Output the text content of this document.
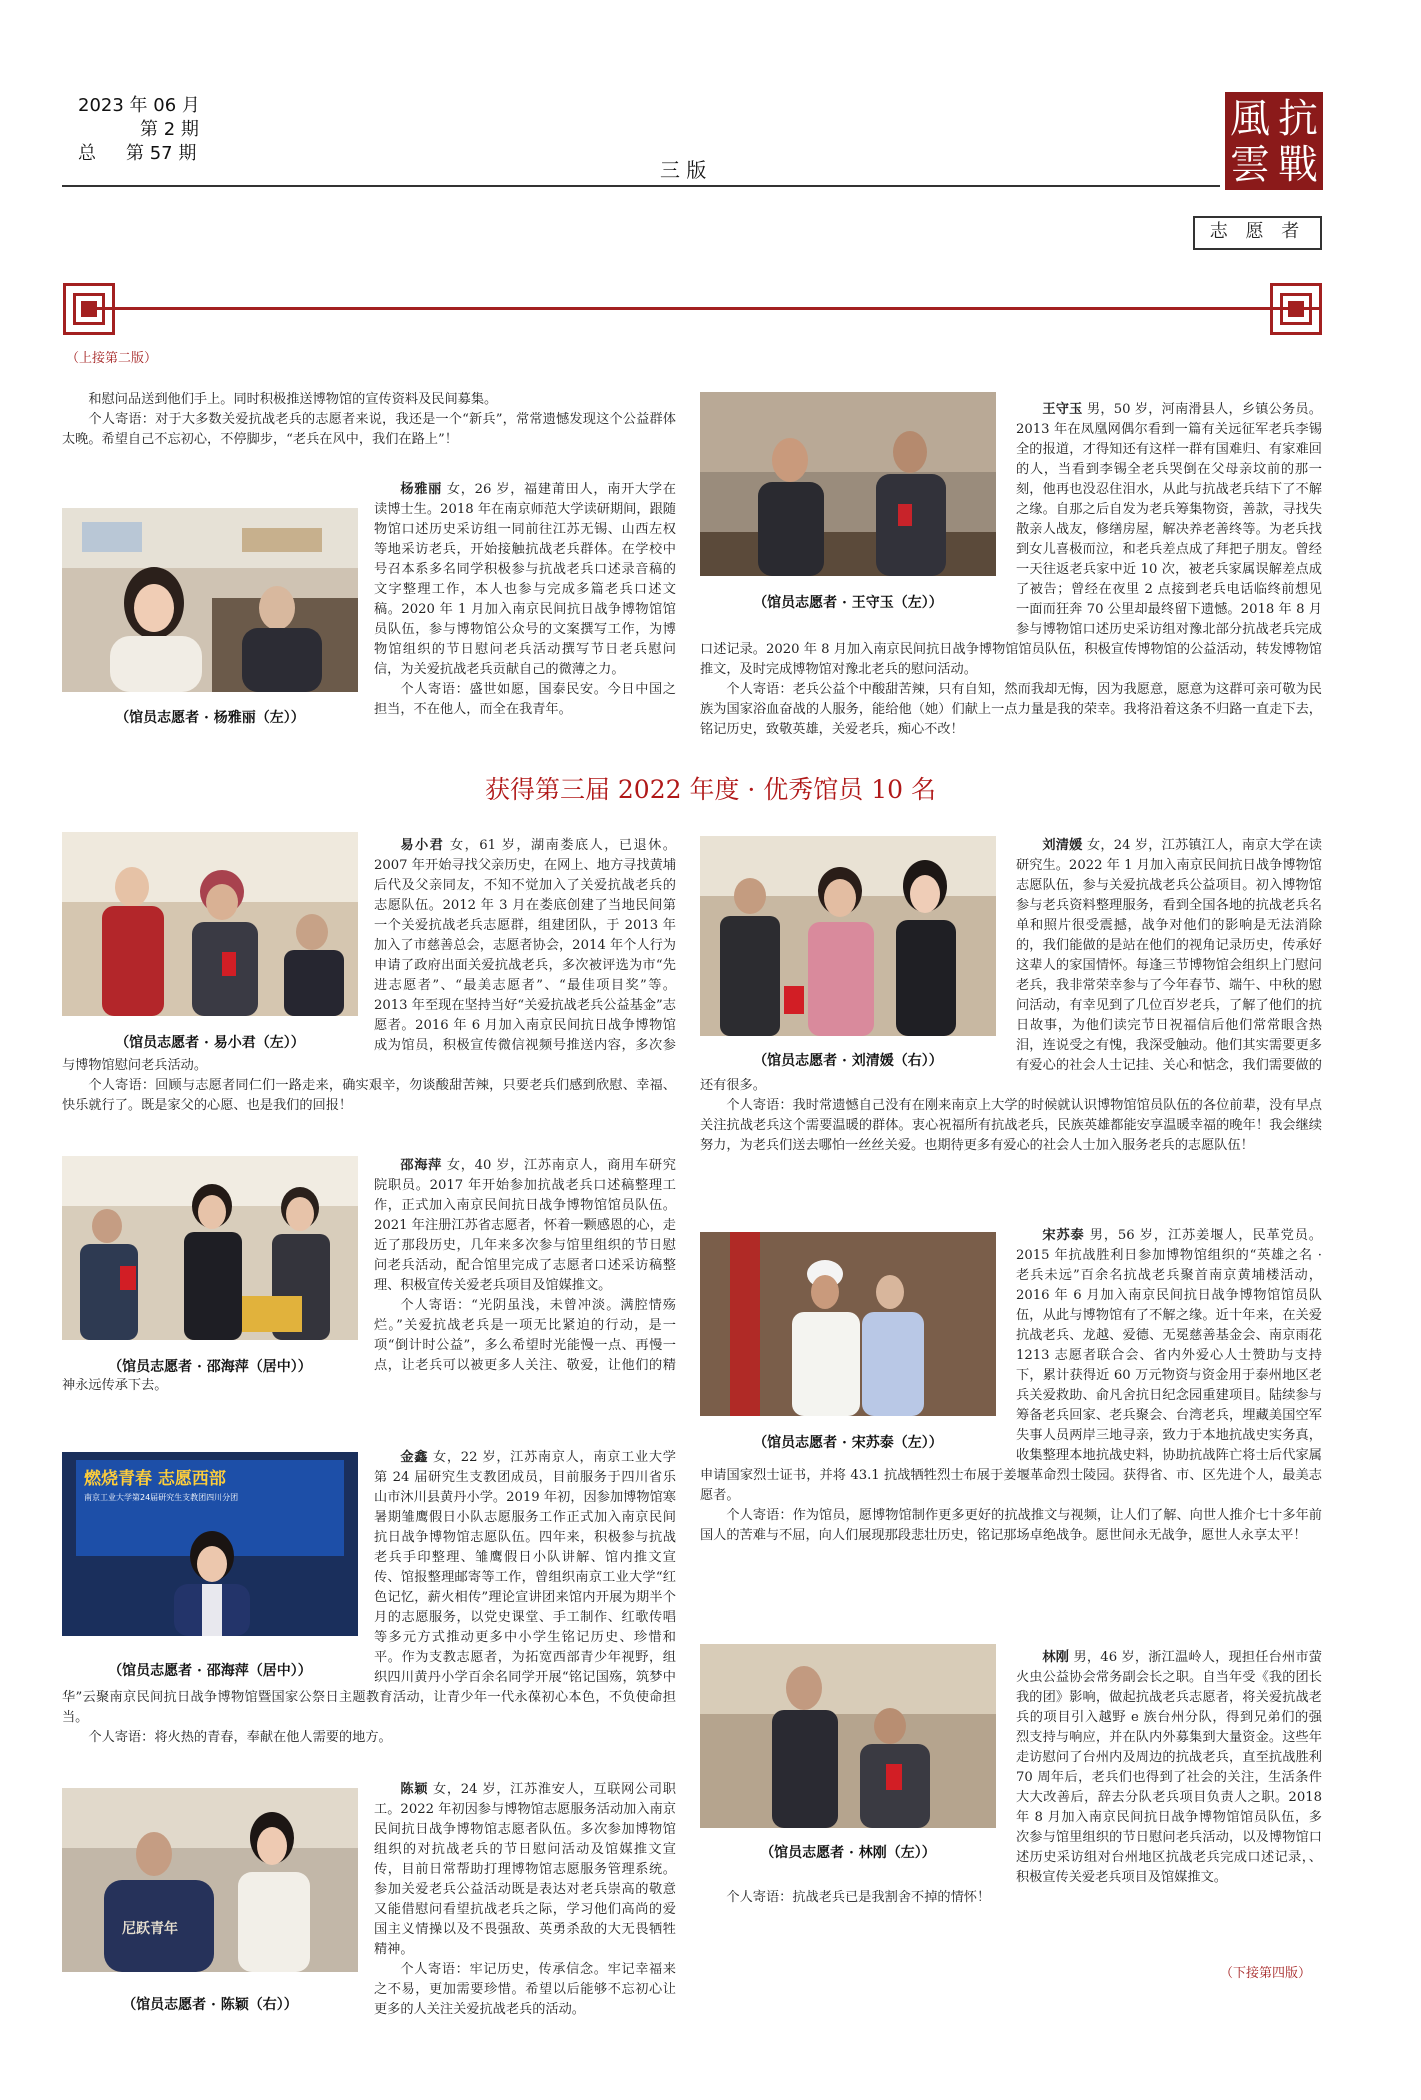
2023 年 06 月
第 2 期
总 第 57 期
三 版
風 抗
雲 戰
志 愿 者
（上接第二版）

和慰问品送到他们手上。同时积极推送博物馆的宣传资料及民间募集。

个人寄语：对于大多数关爱抗战老兵的志愿者来说，我还是一个“新兵”，常常遗憾发现这个公益群体太晚。希望自己不忘初心，不停脚步，“老兵在风中，我们在路上”！

（馆员志愿者 · 杨雅丽（左））

杨雅丽 女，26 岁，福建莆田人，南开大学在读博士生。2018 年在南京师范大学读研期间，跟随物馆口述历史采访组一同前往江苏无锡、山西左权等地采访老兵，开始接触抗战老兵群体。在学校中号召本系多名同学积极参与抗战老兵口述录音稿的文字整理工作，本人也参与完成多篇老兵口述文稿。2020 年 1 月加入南京民间抗日战争博物馆馆员队伍，参与博物馆公众号的文案撰写工作，为博物馆组织的节日慰问老兵活动撰写节日老兵慰问信，为关爱抗战老兵贡献自己的微薄之力。

个人寄语：盛世如愿，国泰民安。今日中国之担当，不在他人，而全在我青年。

（馆员志愿者 · 王守玉（左））

王守玉 男，50 岁，河南滑县人，乡镇公务员。2013 年在凤凰网偶尔看到一篇有关远征军老兵李锡全的报道，才得知还有这样一群有国难归、有家难回的人，当看到李锡全老兵哭倒在父母亲坟前的那一刻，他再也没忍住泪水，从此与抗战老兵结下了不解之缘。自那之后自发为老兵筹集物资，善款，寻找失散亲人战友，修缮房屋，解决养老善终等。为老兵找到女儿喜极而泣，和老兵差点成了拜把子朋友。曾经一天往返老兵家中近 10 次，被老兵家属误解差点成了被告；曾经在夜里 2 点接到老兵电话临终前想见一面而狂奔 70 公里却最终留下遗憾。2018 年 8 月参与博物馆口述历史采访组对豫北部分抗战老兵完成口述记录。2020 年 8 月加入南京民间抗日战争博物馆馆员队伍，积极宣传博物馆的公益活动，转发博物馆推文，及时完成博物馆对豫北老兵的慰问活动。

个人寄语：老兵公益个中酸甜苦辣，只有自知，然而我却无悔，因为我愿意，愿意为这群可亲可敬为民族为国家浴血奋战的人服务，能给他（她）们献上一点力量是我的荣幸。我将沿着这条不归路一直走下去，铭记历史，致敬英雄，关爱老兵，痴心不改！

获得第三届 2022 年度 · 优秀馆员 10 名
（馆员志愿者 · 易小君（左））

易小君 女，61 岁，湖南娄底人，已退休。2007 年开始寻找父亲历史，在网上、地方寻找黄埔后代及父亲同友，不知不觉加入了关爱抗战老兵的志愿队伍。2012 年 3 月在娄底创建了当地民间第一个关爱抗战老兵志愿群，组建团队，于 2013 年加入了市慈善总会，志愿者协会，2014 年个人行为申请了政府出面关爱抗战老兵，多次被评选为市“先进志愿者”、“最美志愿者”、“最佳项目奖”等。2013 年至现在坚持当好“关爱抗战老兵公益基金”志愿者。2016 年 6 月加入南京民间抗日战争博物馆成为馆员，积极宣传微信视频号推送内容，多次参与博物馆慰问老兵活动。

个人寄语：回顾与志愿者同仁们一路走来，确实艰辛，勿谈酸甜苦辣，只要老兵们感到欣慰、幸福、快乐就行了。既是家父的心愿、也是我们的回报！

（馆员志愿者 · 刘清媛（右））

刘清媛 女，24 岁，江苏镇江人，南京大学在读研究生。2022 年 1 月加入南京民间抗日战争博物馆志愿队伍，参与关爱抗战老兵公益项目。初入博物馆参与老兵资料整理服务，看到全国各地的抗战老兵名单和照片很受震撼，战争对他们的影响是无法消除的，我们能做的是站在他们的视角记录历史，传承好这辈人的家国情怀。每逢三节博物馆会组织上门慰问老兵，我非常荣幸参与了今年春节、端午、中秋的慰问活动，有幸见到了几位百岁老兵，了解了他们的抗日故事，为他们读完节日祝福信后他们常常眼含热泪，连说受之有愧，我深受触动。他们其实需要更多有爱心的社会人士记挂、关心和惦念，我们需要做的还有很多。

个人寄语：我时常遗憾自己没有在刚来南京上大学的时候就认识博物馆馆员队伍的各位前辈，没有早点关注抗战老兵这个需要温暖的群体。衷心祝福所有抗战老兵，民族英雄都能安享温暖幸福的晚年！我会继续努力，为老兵们送去哪怕一丝丝关爱。也期待更多有爱心的社会人士加入服务老兵的志愿队伍！

（馆员志愿者 · 邵海萍（居中））

邵海萍 女，40 岁，江苏南京人，商用车研究院职员。2017 年开始参加抗战老兵口述稿整理工作，正式加入南京民间抗日战争博物馆馆员队伍。2021 年注册江苏省志愿者，怀着一颗感恩的心，走近了那段历史，几年来多次参与馆里组织的节日慰问老兵活动，配合馆里完成了志愿者口述采访稿整理、积极宣传关爱老兵项目及馆媒推文。

个人寄语：“光阴虽浅，未曾冲淡。满腔情殇烂。”关爱抗战老兵是一项无比紧迫的行动，是一项“倒计时公益”，多么希望时光能慢一点、再慢一点，让老兵可以被更多人关注、敬爱，让他们的精神永远传承下去。

（馆员志愿者 · 宋苏泰（左））

宋苏泰 男，56 岁，江苏姜堰人，民革党员。2015 年抗战胜利日参加博物馆组织的“英雄之名 · 老兵未远”百余名抗战老兵聚首南京黄埔楼活动，2016 年 6 月加入南京民间抗日战争博物馆馆员队伍，从此与博物馆有了不解之缘。近十年来，在关爱抗战老兵、龙越、爱德、无冕慈善基金会、南京雨花 1213 志愿者联合会、省内外爱心人士赞助与支持下，累计获得近 60 万元物资与资金用于泰州地区老兵关爱救助、俞凡舍抗日纪念园重建项目。陆续参与筹备老兵回家、老兵聚会、台湾老兵，埋藏美国空军失事人员两岸三地寻亲，致力于本地抗战史实务真，收集整理本地抗战史料，协助抗战阵亡将士后代家属申请国家烈士证书，并将 43.1 抗战牺牲烈士布展于姜堰革命烈士陵园。获得省、市、区先进个人，最美志愿者。

个人寄语：作为馆员，愿博物馆制作更多更好的抗战推文与视频，让人们了解、向世人推介七十多年前国人的苦难与不屈，向人们展现那段悲壮历史，铭记那场卓绝战争。愿世间永无战争，愿世人永享太平！

燃烧青春 志愿西部
南京工业大学第24届研究生支教团四川分团
（馆员志愿者 · 邵海萍（居中））

金鑫 女，22 岁，江苏南京人，南京工业大学第 24 届研究生支教团成员，目前服务于四川省乐山市沐川县黄丹小学。2019 年初，因参加博物馆寒暑期雏鹰假日小队志愿服务工作正式加入南京民间抗日战争博物馆志愿队伍。四年来，积极参与抗战老兵手印整理、雏鹰假日小队讲解、馆内推文宣传、馆报整理邮寄等工作，曾组织南京工业大学“红色记忆，薪火相传”理论宣讲团来馆内开展为期半个月的志愿服务，以党史课堂、手工制作、红歌传唱等多元方式推动更多中小学生铭记历史、珍惜和平。作为支教志愿者，为拓宽西部青少年视野，组织四川黄丹小学百余名同学开展“铭记国殇，筑梦中华”云聚南京民间抗日战争博物馆暨国家公祭日主题教育活动，让青少年一代永葆初心本色，不负使命担当。

个人寄语：将火热的青春，奉献在他人需要的地方。

（馆员志愿者 · 林刚（左））

林刚 男，46 岁，浙江温岭人，现担任台州市萤火虫公益协会常务副会长之职。自当年受《我的团长我的团》影响，做起抗战老兵志愿者，将关爱抗战老兵的项目引入越野 e 族台州分队，得到兄弟们的强烈支持与响应，并在队内外募集到大量资金。这些年走访慰问了台州内及周边的抗战老兵，直至抗战胜利 70 周年后，老兵们也得到了社会的关注，生活条件大大改善后，辞去分队老兵项目负责人之职。2018 年 8 月加入南京民间抗日战争博物馆馆员队伍，多次参与馆里组织的节日慰问老兵活动，以及博物馆口述历史采访组对台州地区抗战老兵完成口述记录，、积极宣传关爱老兵项目及馆媒推文。

个人寄语：抗战老兵已是我割舍不掉的情怀！

尼跃青年
（馆员志愿者 · 陈颖（右））

陈颖 女，24 岁，江苏淮安人，互联网公司职工。2022 年初因参与博物馆志愿服务活动加入南京民间抗日战争博物馆志愿者队伍。多次参加博物馆组织的对抗战老兵的节日慰问活动及馆媒推文宣传，目前日常帮助打理博物馆志愿服务管理系统。参加关爱老兵公益活动既是表达对老兵崇高的敬意又能借慰问看望抗战老兵之际，学习他们高尚的爱国主义情操以及不畏强敌、英勇杀敌的大无畏牺牲精神。

个人寄语：牢记历史，传承信念。牢记幸福来之不易，更加需要珍惜。希望以后能够不忘初心让更多的人关注关爱抗战老兵的活动。

（下接第四版）
